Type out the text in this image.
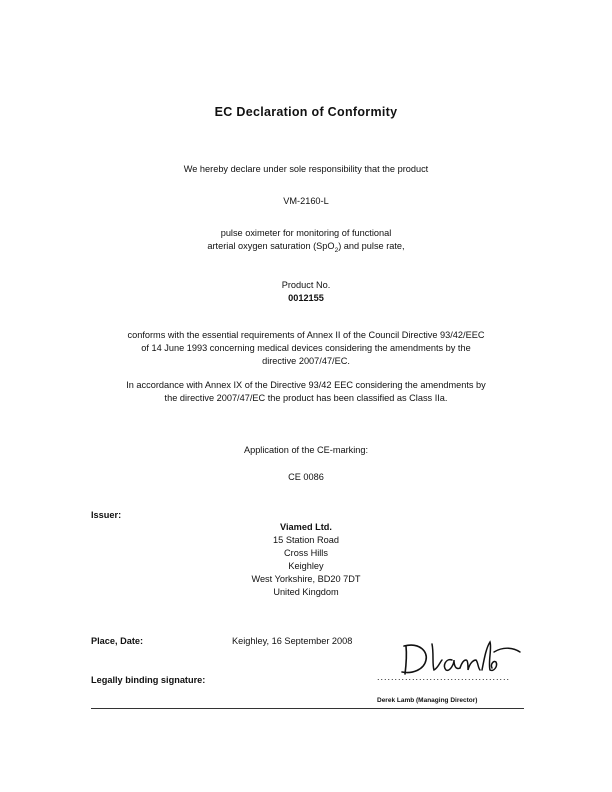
EC Declaration of Conformity
We hereby declare under sole responsibility that the product
VM-2160-L
pulse oximeter for monitoring of functional
arterial oxygen saturation (SpO$_2$) and pulse rate,
Product No.
0012155
conforms with the essential requirements of Annex II of the Council Directive 93/42/EEC
of 14 June 1993 concerning medical devices considering the amendments by the
directive 2007/47/EC.
In accordance with Annex IX of the Directive 93/42 EEC considering the amendments by
the directive 2007/47/EC the product has been classified as Class IIa.
Application of the CE-marking:
CE 0086
Issuer:
Viamed Ltd.
15 Station Road
Cross Hills
Keighley
West Yorkshire, BD20 7DT
United Kingdom
Place, Date:	Keighley, 16 September 2008
Legally binding signature:	......................................
Derek Lamb (Managing Director)
